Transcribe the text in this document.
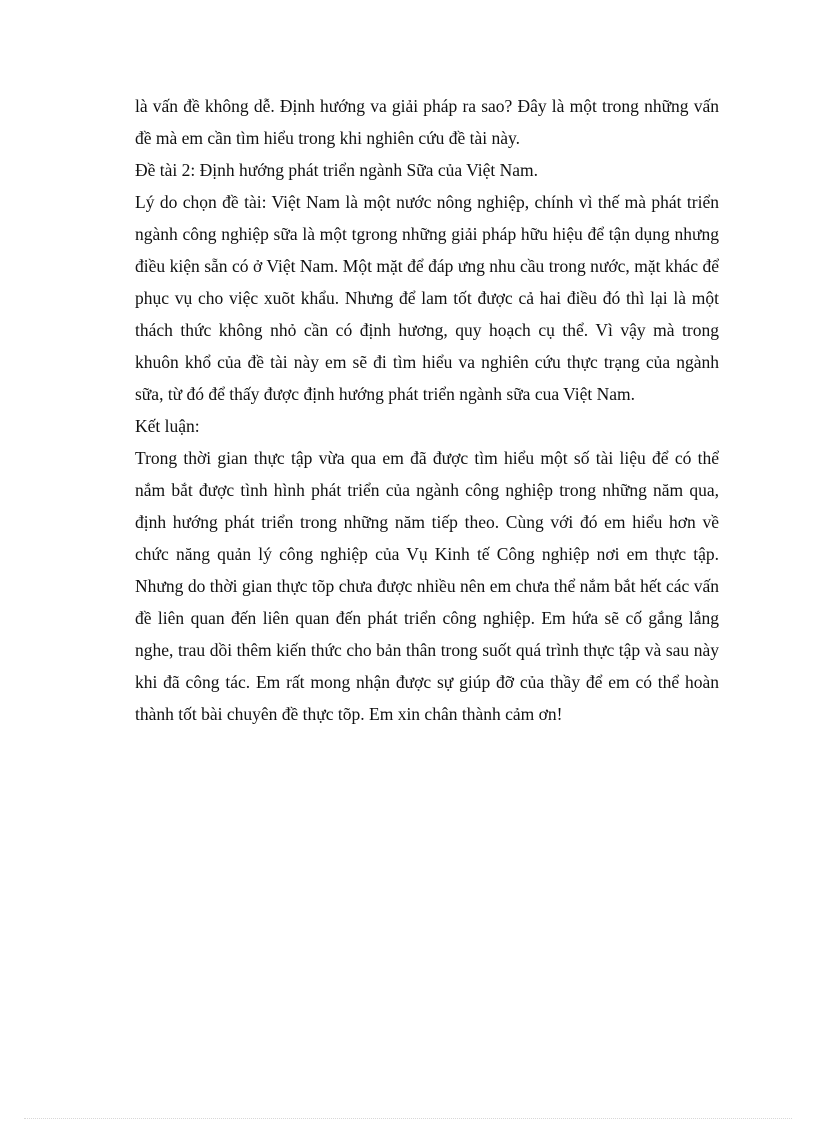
là vấn đề không dễ. Định hướng va giải pháp ra sao? Đây là một trong những vấn đề mà em cần tìm hiểu trong khi nghiên cứu đề tài này.

Đề tài 2: Định hướng phát triển ngành Sữa của Việt Nam.

Lý do chọn đề tài: Việt Nam là một nước nông nghiệp, chính vì thế mà phát triển ngành công nghiệp sữa là một tgrong những giải pháp hữu hiệu để tận dụng nhưng điều kiện sẵn có ở Việt Nam. Một mặt để đáp ưng nhu cầu trong nước, mặt khác để phục vụ cho việc xuõt khẩu. Nhưng để lam tốt được cả hai điều đó thì lại là một thách thức không nhỏ cần có định hương, quy hoạch cụ thể. Vì vậy mà trong khuôn khổ của đề tài này em sẽ đi tìm hiểu va nghiên cứu thực trạng của ngành sữa, từ đó để thấy được định hướng phát triển ngành sữa cua Việt Nam.

Kết luận:

Trong thời gian thực tập vừa qua em đã được tìm hiểu một số tài liệu để có thể nắm bắt được tình hình phát triển của ngành công nghiệp trong những năm qua, định hướng phát triển trong những năm tiếp theo. Cùng với đó em hiểu hơn về chức năng quản lý công nghiệp của Vụ Kinh tế Công nghiệp nơi em thực tập. Nhưng do thời gian thực tõp chưa được nhiều nên em chưa thể nắm bắt hết các vấn đề liên quan đến liên quan đến phát triển công nghiệp. Em hứa sẽ cố gắng lắng nghe, trau dồi thêm kiến thức cho bản thân trong suốt quá trình thực tập và sau này khi đã công tác. Em rất mong nhận được sự giúp đỡ của thầy để em có thể hoàn thành tốt bài chuyên đề thực tõp. Em xin chân thành cảm ơn!
